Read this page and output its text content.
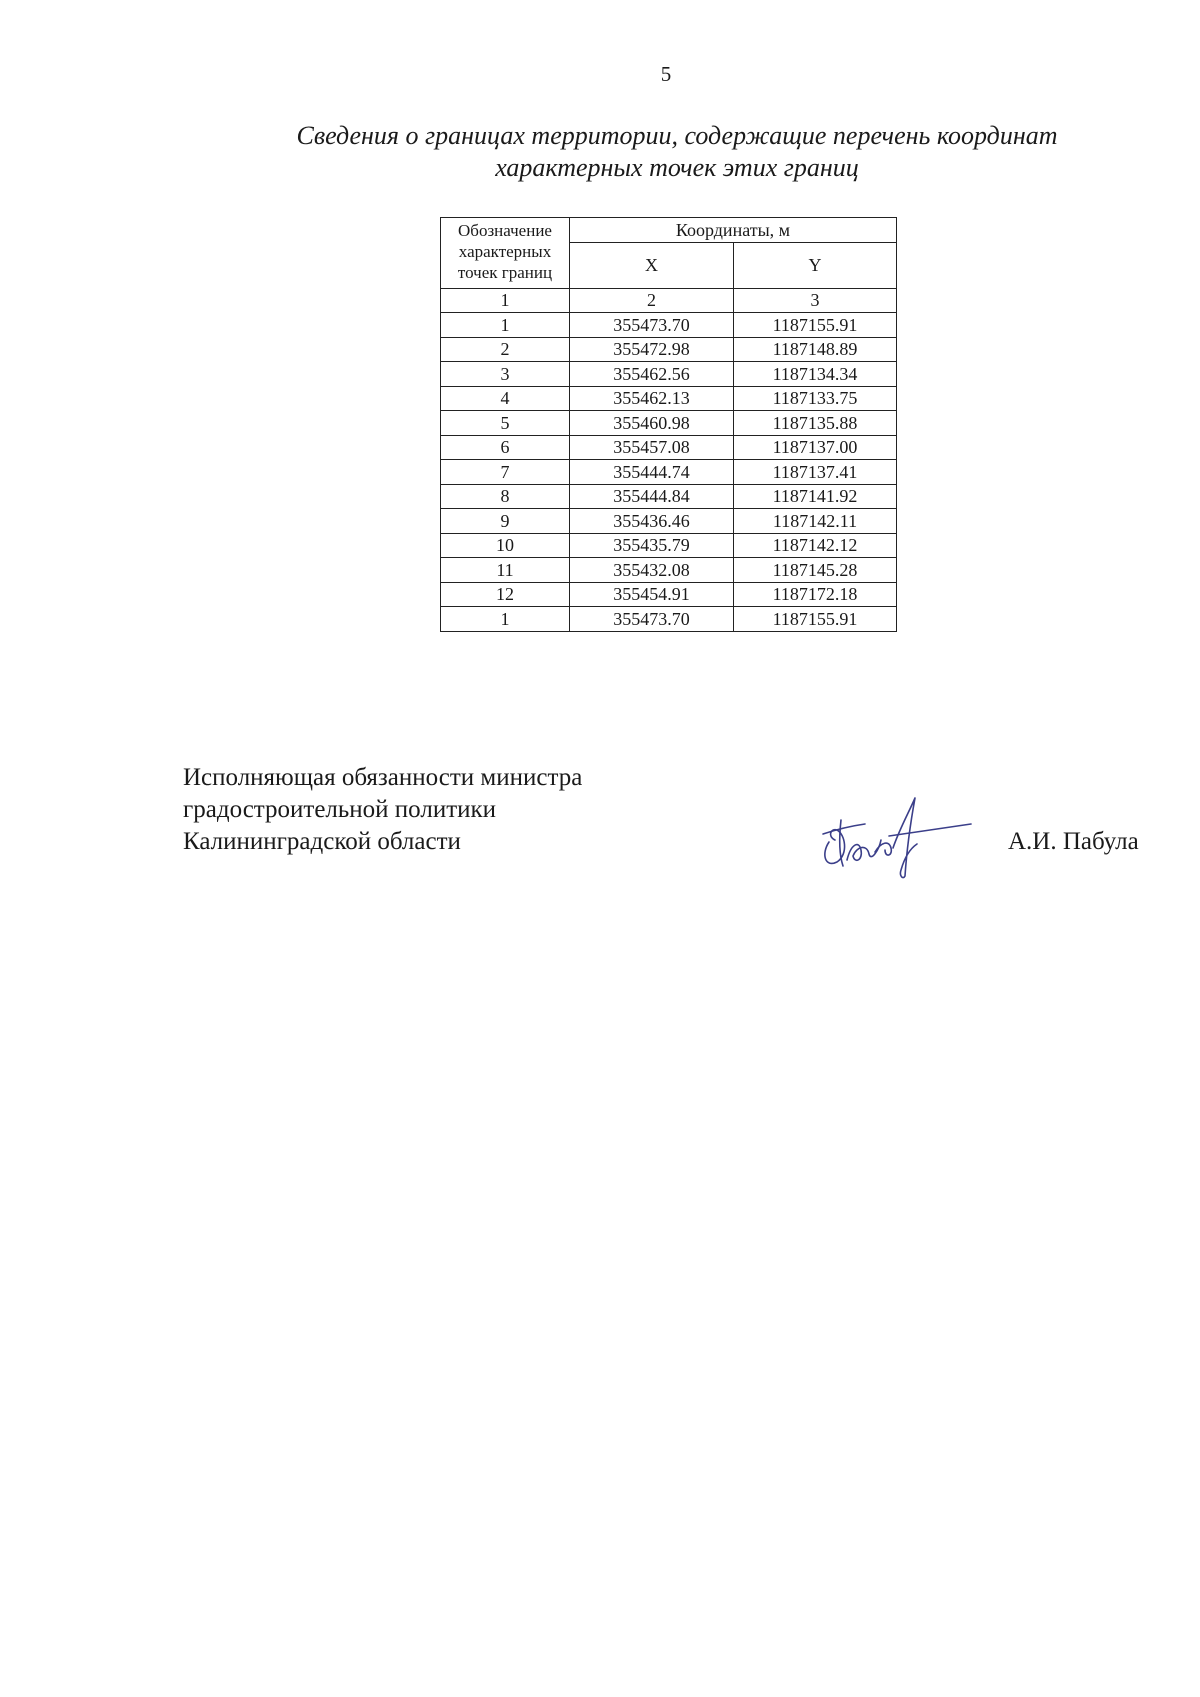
5
Сведения о границах территории, содержащие перечень координат
характерных точек этих границ
Обозначение
характерных
точек границ	Координаты, м	
	X	Y
1	2	3
1	355473.70	1187155.91
2	355472.98	1187148.89
3	355462.56	1187134.34
4	355462.13	1187133.75
5	355460.98	1187135.88
6	355457.08	1187137.00
7	355444.74	1187137.41
8	355444.84	1187141.92
9	355436.46	1187142.11
10	355435.79	1187142.12
11	355432.08	1187145.28
12	355454.91	1187172.18
1	355473.70	1187155.91
Исполняющая обязанности министра
градостроительной политики
Калининградской области	А.И. Пабула
